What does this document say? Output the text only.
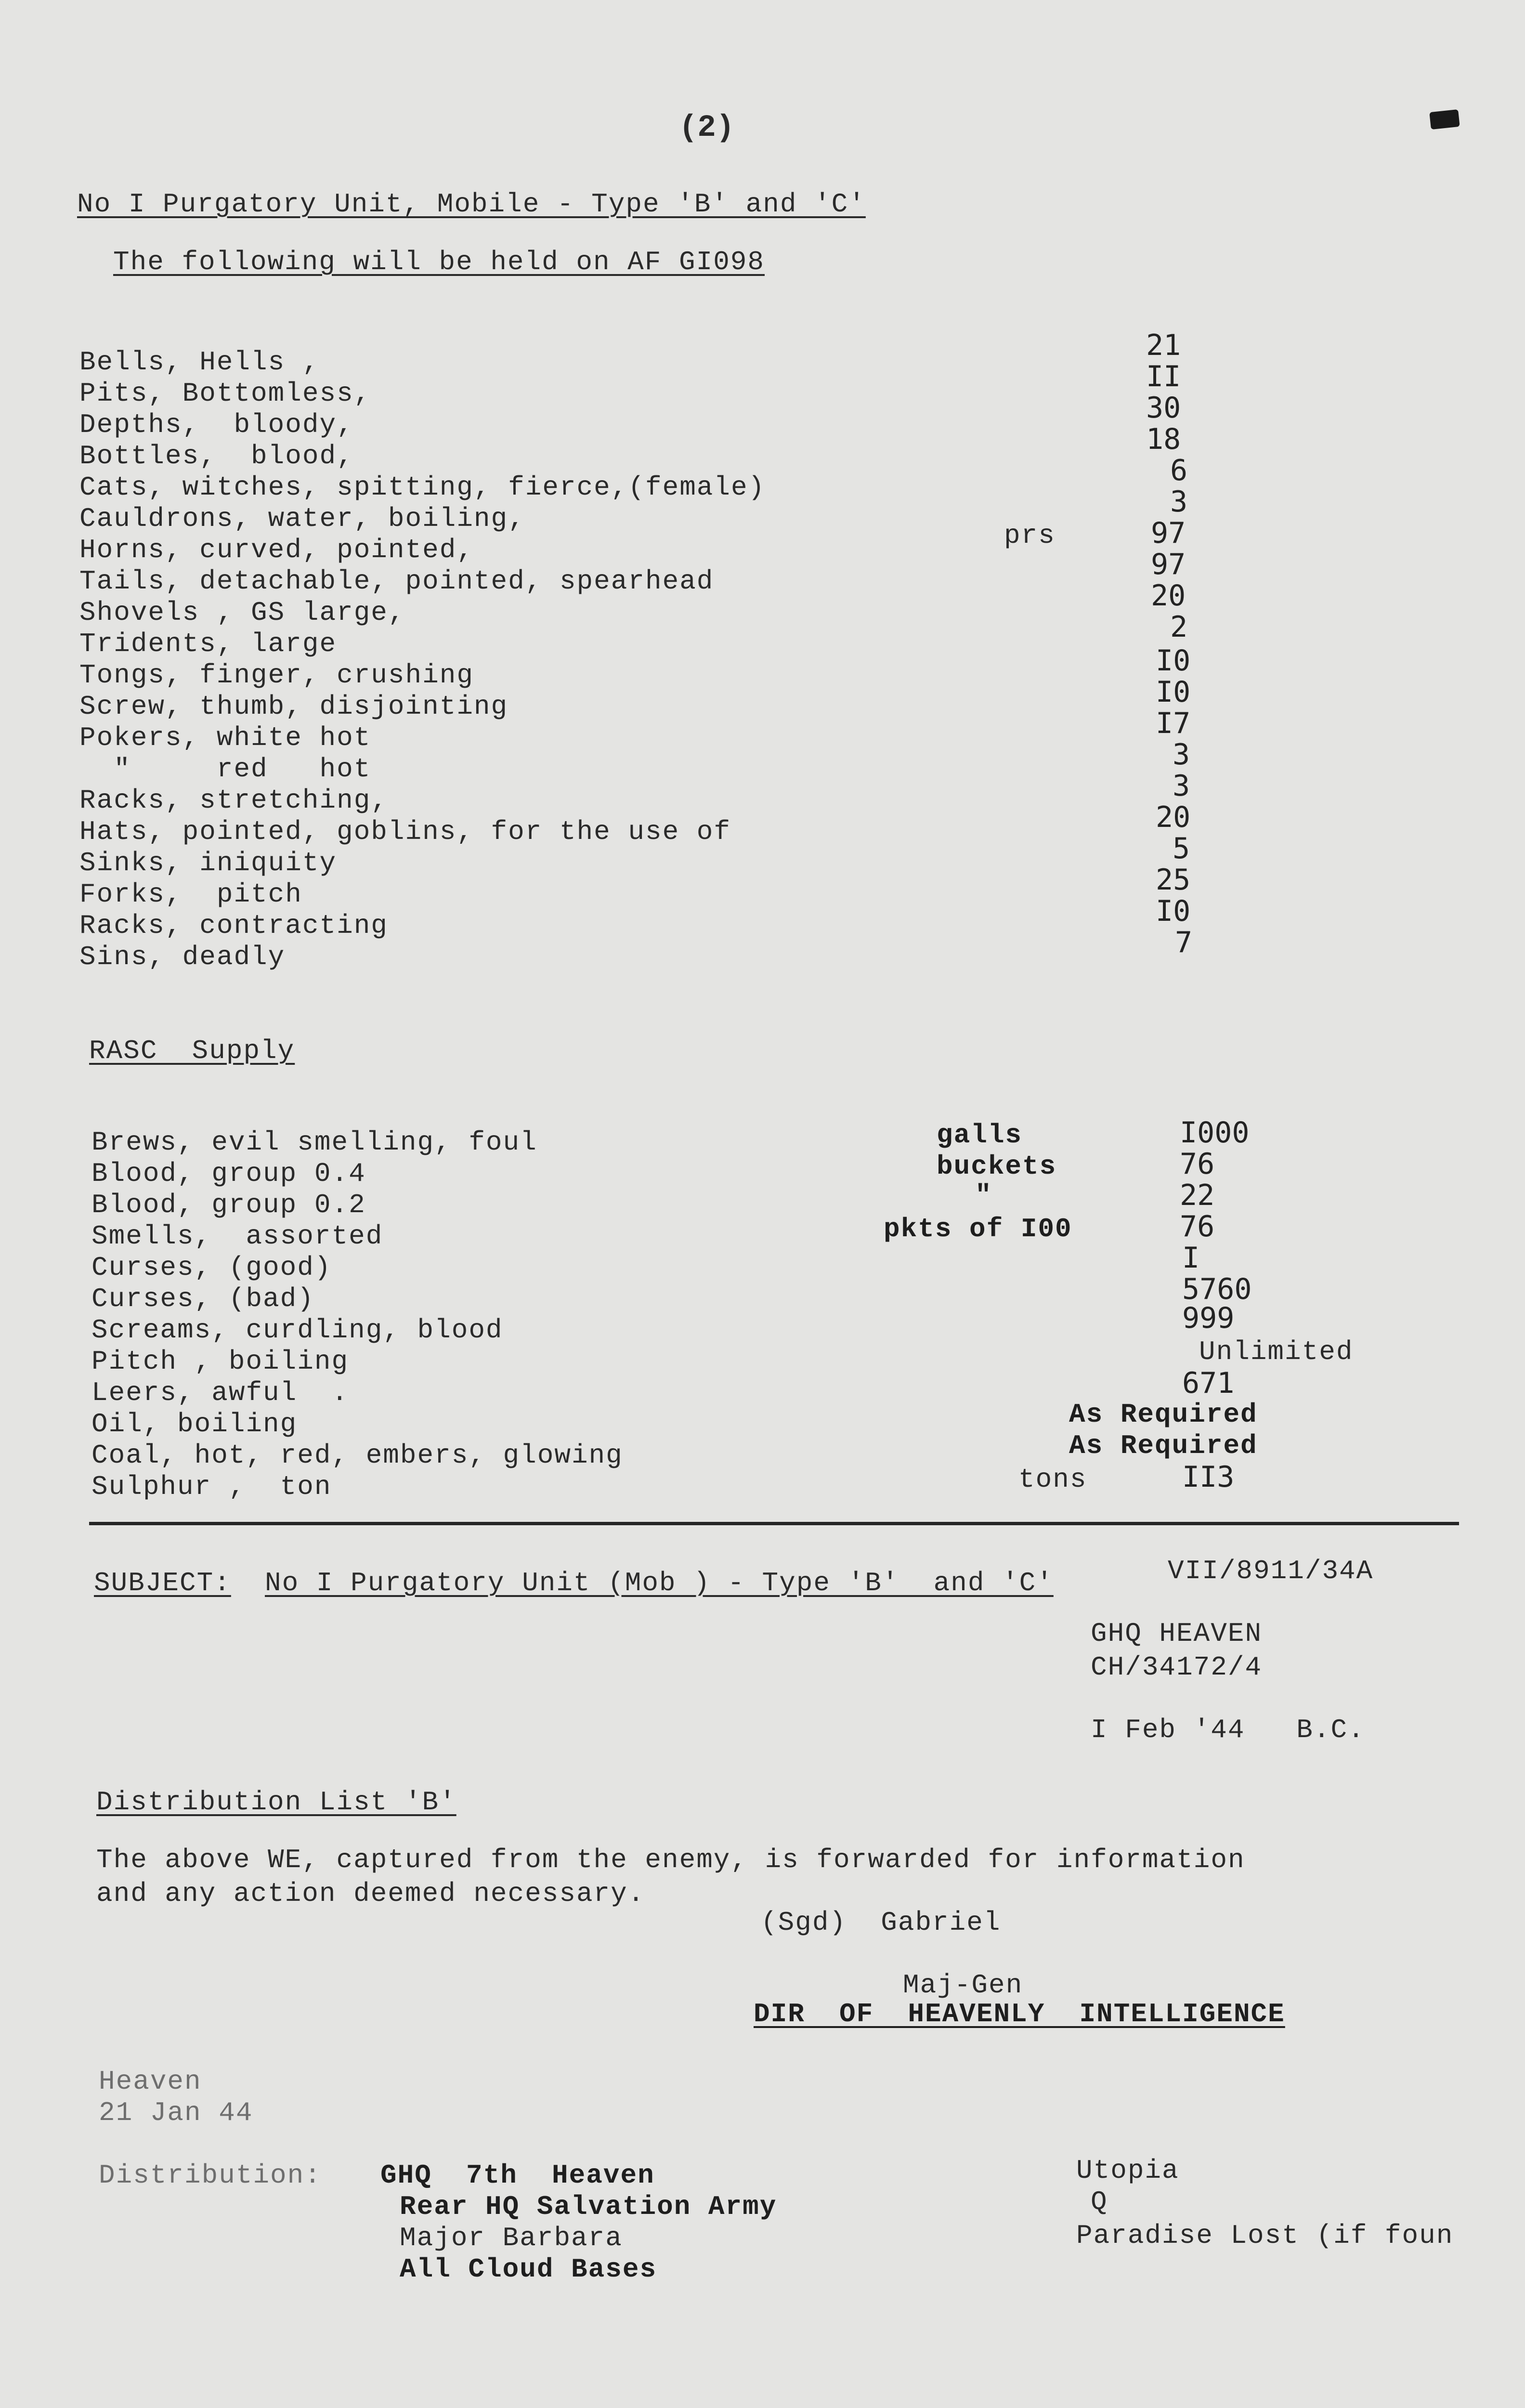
(2)
No I Purgatory Unit, Mobile - Type 'B' and 'C'
The following will be held on AF GI098
Bells, Hells ,	21
Pits, Bottomless,	II
Depths,  bloody,	30
Bottles,  blood,	18
Cats, witches, spitting, fierce,(female)	6
Cauldrons, water, boiling,	3
Horns, curved, pointed,	prs	97
Tails, detachable, pointed, spearhead	97
Shovels , GS large,	20
Tridents, large	2
Tongs, finger, crushing	I0
Screw, thumb, disjointing	I0
Pokers, white hot	I7
"     red   hot	3
Racks, stretching,	3
Hats, pointed, goblins, for the use of	20
Sinks, iniquity	5
Forks,  pitch	25
Racks, contracting	I0
Sins, deadly	7
RASC  Supply
Brews, evil smelling, foul	galls	I000
Blood, group 0.4	buckets	76
Blood, group 0.2	"	22
Smells,  assorted	pkts of I00	76
Curses, (good)	I
Curses, (bad)	5760
Screams, curdling, blood	999
Pitch , boiling	Unlimited
Leers, awful  .	671
Oil, boiling	As Required
Coal, hot, red, embers, glowing	As Required
Sulphur ,  ton	tons	II3
SUBJECT: No I Purgatory Unit (Mob ) - Type 'B'  and 'C'	VII/8911/34A
GHQ HEAVEN
CH/34172/4
I Feb '44   B.C.
Distribution List 'B'
The above WE, captured from the enemy, is forwarded for information
and any action deemed necessary.
(Sgd)  Gabriel
Maj-Gen
DIR  OF  HEAVENLY  INTELLIGENCE
Heaven
21 Jan 44
Distribution: GHQ  7th  Heaven
Rear HQ Salvation Army
Major Barbara
All Cloud Bases
Utopia
Q
Paradise Lost (if foun
